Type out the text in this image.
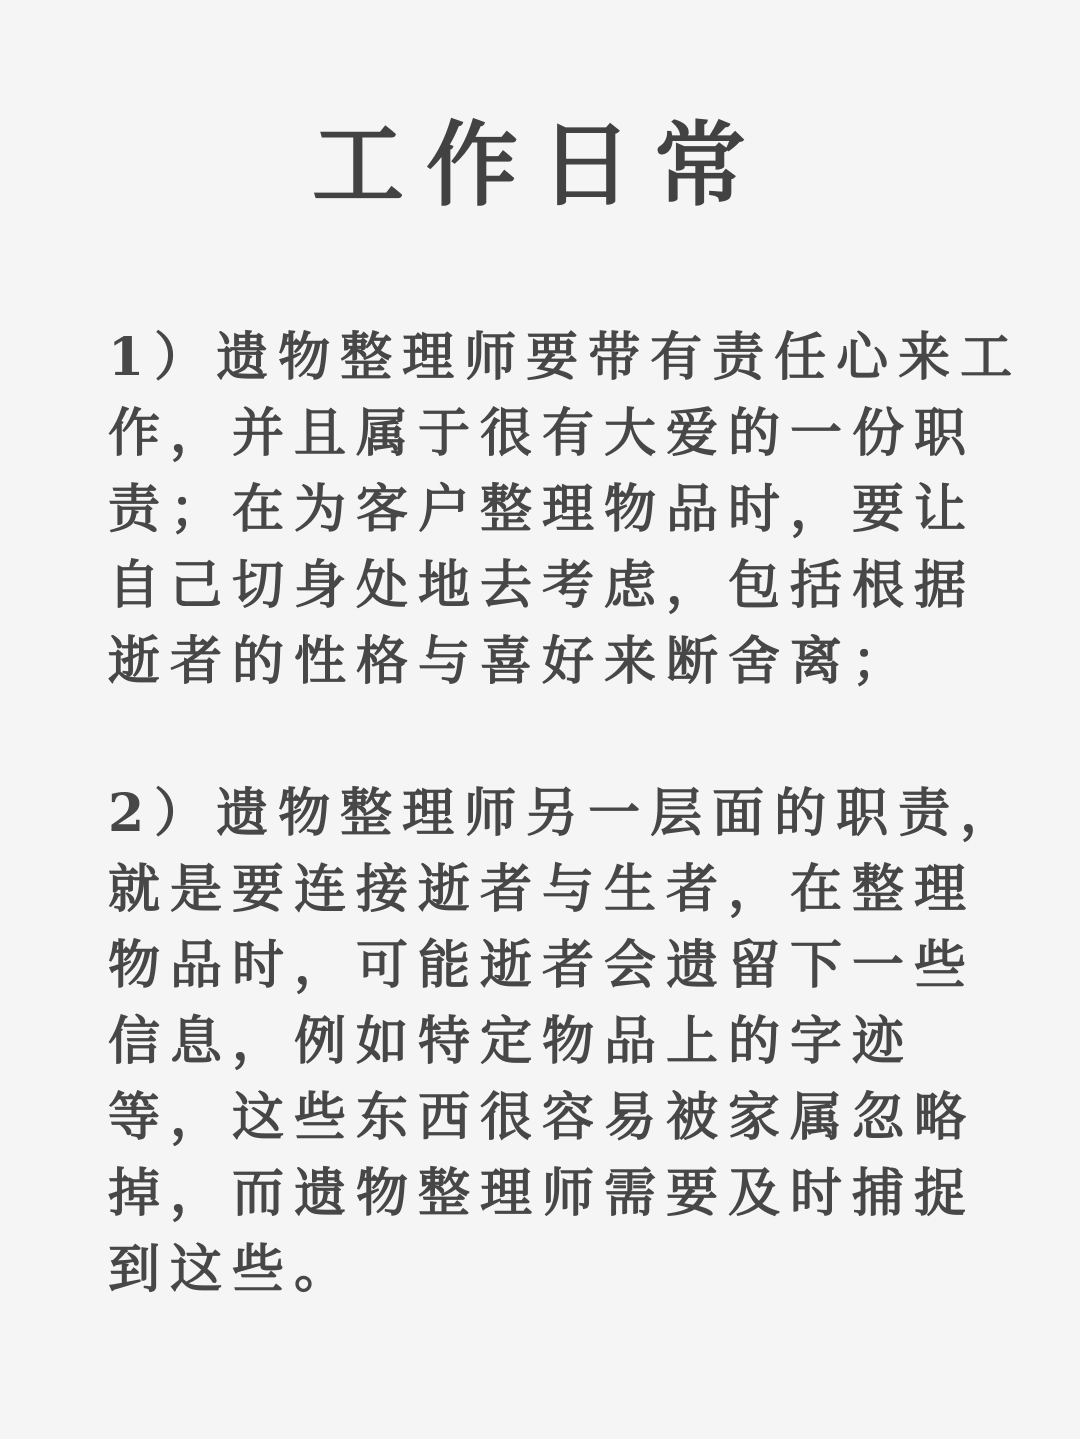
工作日常
1）遗物整理师要带有责任心来工
作，并且属于很有大爱的一份职
责；在为客户整理物品时，要让
自己切身处地去考虑，包括根据
逝者的性格与喜好来断舍离；
2）遗物整理师另一层面的职责，
就是要连接逝者与生者，在整理
物品时，可能逝者会遗留下一些
信息，例如特定物品上的字迹
等，这些东西很容易被家属忽略
掉，而遗物整理师需要及时捕捉
到这些。
